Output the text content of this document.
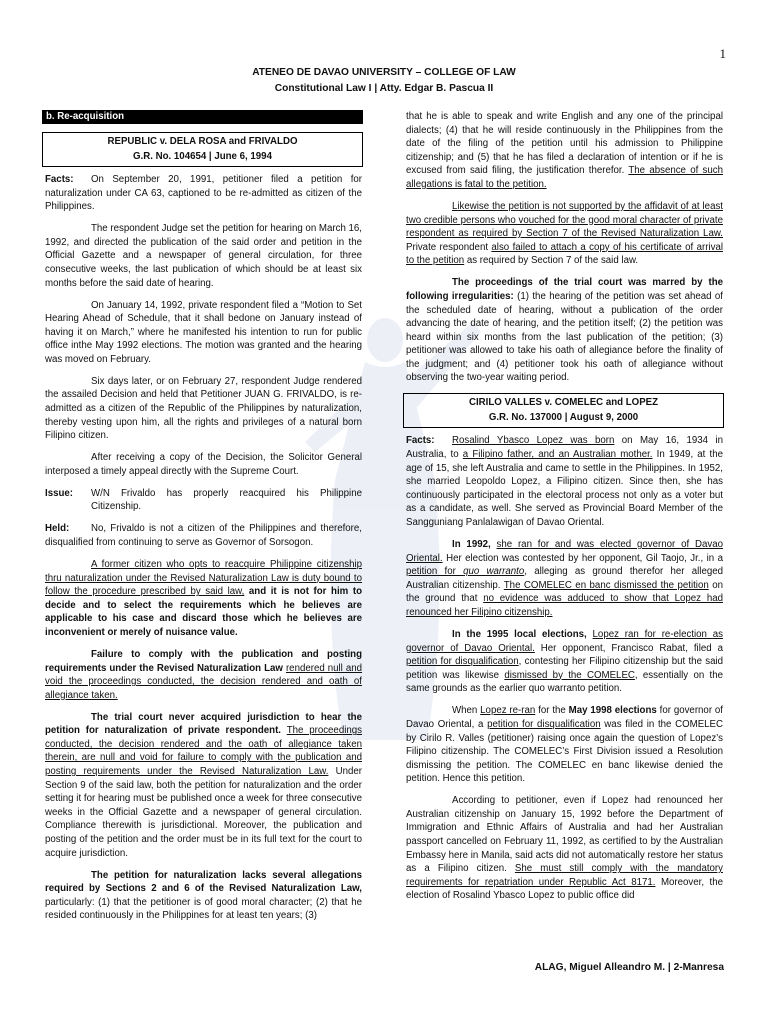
1
ATENEO DE DAVAO UNIVERSITY – COLLEGE OF LAW
Constitutional Law I | Atty. Edgar B. Pascua II
b. Re-acquisition
REPUBLIC v. DELA ROSA and FRIVALDO
G.R. No. 104654 | June 6, 1994

Facts: On September 20, 1991, petitioner filed a petition for naturalization under CA 63, captioned to be re-admitted as citizen of the Philippines.

The respondent Judge set the petition for hearing on March 16, 1992, and directed the publication of the said order and petition in the Official Gazette and a newspaper of general circulation, for three consecutive weeks, the last publication of which should be at least six months before the said date of hearing.

On January 14, 1992, private respondent filed a “Motion to Set Hearing Ahead of Schedule, that it shall bedone on January instead of having it on March,” where he manifested his intention to run for public office inthe May 1992 elections. The motion was granted and the hearing was moved on February.

Six days later, or on February 27, respondent Judge rendered the assailed Decision and held that Petitioner JUAN G. FRIVALDO, is re-admitted as a citizen of the Republic of the Philippines by naturalization, thereby vesting upon him, all the rights and privileges of a natural born Filipino citizen.

After receiving a copy of the Decision, the Solicitor General interposed a timely appeal directly with the Supreme Court.

Issue: W/N Frivaldo has properly reacquired his Philippine Citizenship.

Held: No, Frivaldo is not a citizen of the Philippines and therefore, disqualified from continuing to serve as Governor of Sorsogon.

A former citizen who opts to reacquire Philippine citizenship thru naturalization under the Revised Naturalization Law is duty bound to follow the procedure prescribed by said law, and it is not for him to decide and to select the requirements which he believes are applicable to his case and discard those which he believes are inconvenient or merely of nuisance value.

Failure to comply with the publication and posting requirements under the Revised Naturalization Law rendered null and void the proceedings conducted, the decision rendered and oath of allegiance taken.

The trial court never acquired jurisdiction to hear the petition for naturalization of private respondent. The proceedings conducted, the decision rendered and the oath of allegiance taken therein, are null and void for failure to comply with the publication and posting requirements under the Revised Naturalization Law. Under Section 9 of the said law, both the petition for naturalization and the order setting it for hearing must be published once a week for three consecutive weeks in the Official Gazette and a newspaper of general circulation. Compliance therewith is jurisdictional. Moreover, the publication and posting of the petition and the order must be in its full text for the court to acquire jurisdiction.

The petition for naturalization lacks several allegations required by Sections 2 and 6 of the Revised Naturalization Law, particularly: (1) that the petitioner is of good moral character; (2) that he resided continuously in the Philippines for at least ten years; (3)

that he is able to speak and write English and any one of the principal dialects; (4) that he will reside continuously in the Philippines from the date of the filing of the petition until his admission to Philippine citizenship; and (5) that he has filed a declaration of intention or if he is excused from said filing, the justification therefor. The absence of such allegations is fatal to the petition.

Likewise the petition is not supported by the affidavit of at least two credible persons who vouched for the good moral character of private respondent as required by Section 7 of the Revised Naturalization Law. Private respondent also failed to attach a copy of his certificate of arrival to the petition as required by Section 7 of the said law.

The proceedings of the trial court was marred by the following irregularities: (1) the hearing of the petition was set ahead of the scheduled date of hearing, without a publication of the order advancing the date of hearing, and the petition itself; (2) the petition was heard within six months from the last publication of the petition; (3) petitioner was allowed to take his oath of allegiance before the finality of the judgment; and (4) petitioner took his oath of allegiance without observing the two-year waiting period.

CIRILO VALLES v. COMELEC and LOPEZ
G.R. No. 137000 | August 9, 2000

Facts: Rosalind Ybasco Lopez was born on May 16, 1934 in Australia, to a Filipino father, and an Australian mother. In 1949, at the age of 15, she left Australia and came to settle in the Philippines. In 1952, she married Leopoldo Lopez, a Filipino citizen. Since then, she has continuously participated in the electoral process not only as a voter but as a candidate, as well. She served as Provincial Board Member of the Sangguniang Panlalawigan of Davao Oriental.

In 1992, she ran for and was elected governor of Davao Oriental. Her election was contested by her opponent, Gil Taojo, Jr., in a petition for quo warranto, alleging as ground therefor her alleged Australian citizenship. The COMELEC en banc dismissed the petition on the ground that no evidence was adduced to show that Lopez had renounced her Filipino citizenship.

In the 1995 local elections, Lopez ran for re-election as governor of Davao Oriental. Her opponent, Francisco Rabat, filed a petition for disqualification, contesting her Filipino citizenship but the said petition was likewise dismissed by the COMELEC, essentially on the same grounds as the earlier quo warranto petition.

When Lopez re-ran for the May 1998 elections for governor of Davao Oriental, a petition for disqualification was filed in the COMELEC by Cirilo R. Valles (petitioner) raising once again the question of Lopez’s Filipino citizenship. The COMELEC’s First Division issued a Resolution dismissing the petition. The COMELEC en banc likewise denied the petition. Hence this petition.

According to petitioner, even if Lopez had renounced her Australian citizenship on January 15, 1992 before the Department of Immigration and Ethnic Affairs of Australia and had her Australian passport cancelled on February 11, 1992, as certified to by the Australian Embassy here in Manila, said acts did not automatically restore her status as a Filipino citizen. She must still comply with the mandatory requirements for repatriation under Republic Act 8171. Moreover, the election of Rosalind Ybasco Lopez to public office did

ALAG, Miguel Alleandro M. | 2-Manresa
